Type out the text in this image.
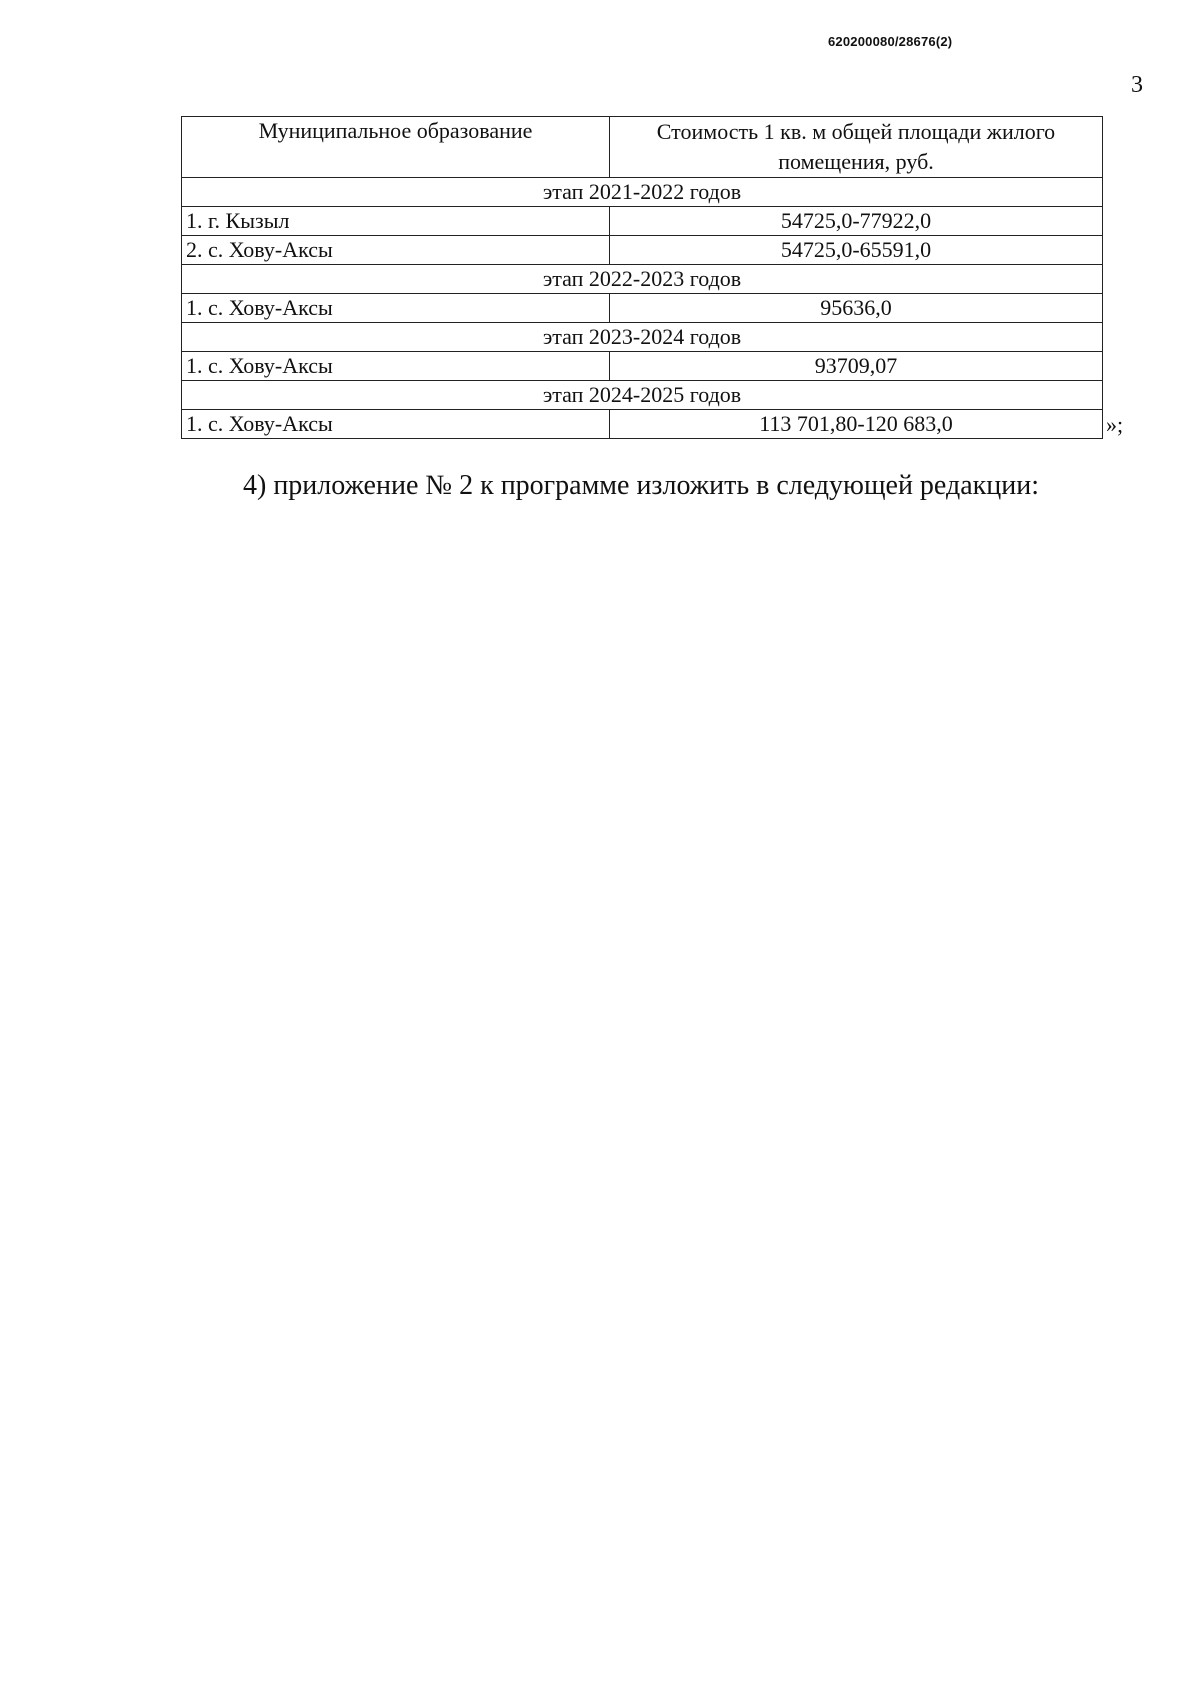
620200080/28676(2)
3
Муниципальное образование	Стоимость 1 кв. м общей площади жилого помещения, руб.
этап 2021-2022 годов	
1. г. Кызыл	54725,0-77922,0
2. с. Хову-Аксы	54725,0-65591,0
этап 2022-2023 годов	
1. с. Хову-Аксы	95636,0
этап 2023-2024 годов	
1. с. Хову-Аксы	93709,07
этап 2024-2025 годов	
1. с. Хову-Аксы	113 701,80-120 683,0	»;
4) приложение № 2 к программе изложить в следующей редакции:
